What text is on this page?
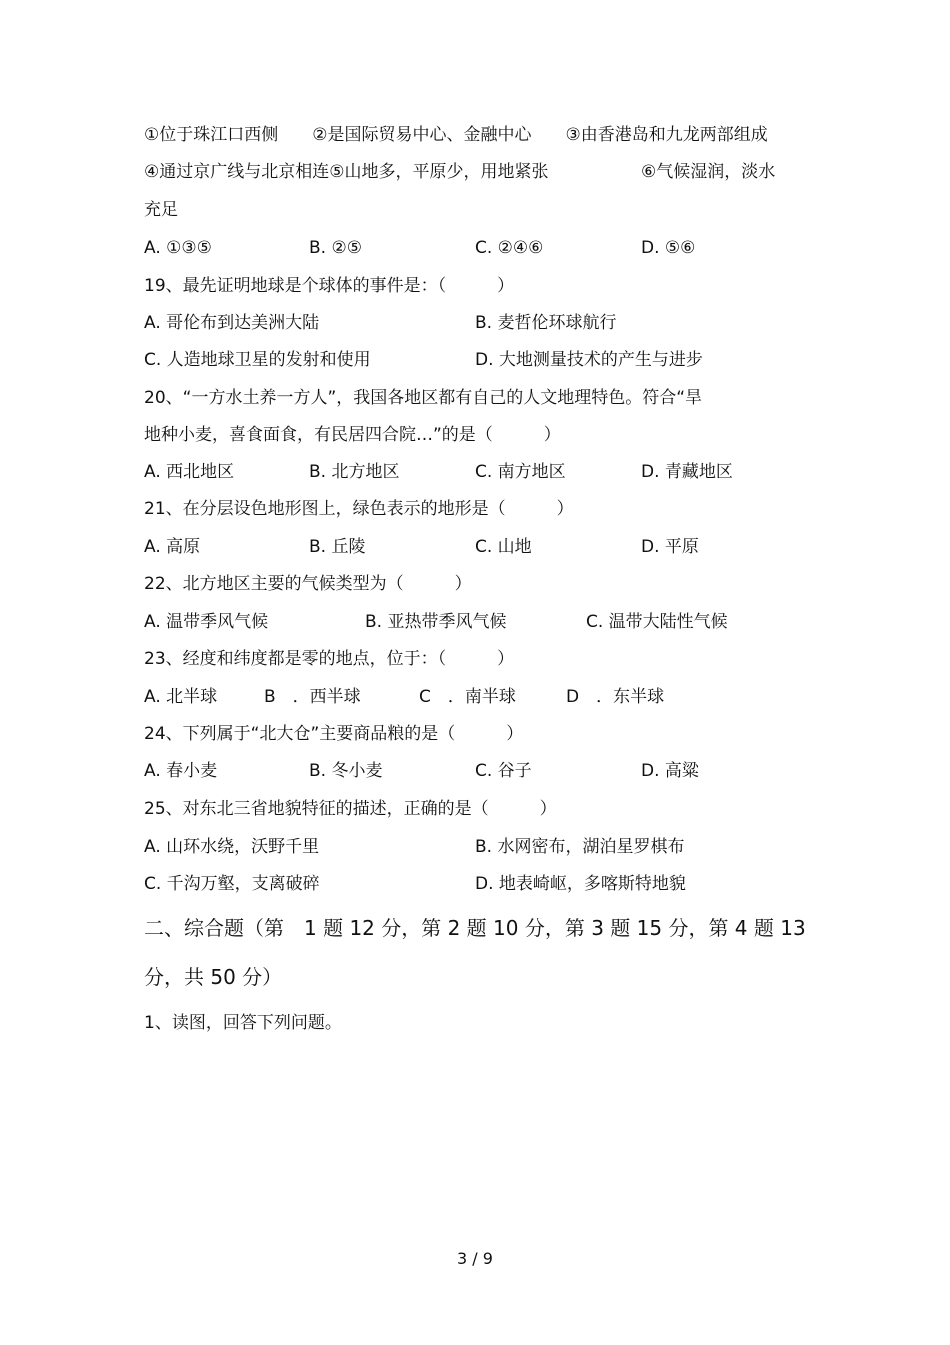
①位于珠江口西侧　　②是国际贸易中心、金融中心　　③由香港岛和九龙两部组成
④通过京广线与北京相连⑤山地多，平原少，用地紧张	⑥气候湿润，淡水
充足
A. ①③⑤	B. ②⑤	C. ②④⑥	D. ⑤⑥
19、最先证明地球是个球体的事件是：（　　　）
A. 哥伦布到达美洲大陆	B. 麦哲伦环球航行
C. 人造地球卫星的发射和使用	D. 大地测量技术的产生与进步
20、“一方水土养一方人”，我国各地区都有自己的人文地理特色。符合“旱
地种小麦，喜食面食，有民居四合院…”的是（　　　）
A. 西北地区	B. 北方地区	C. 南方地区	D. 青藏地区
21、在分层设色地形图上，绿色表示的地形是（　　　）
A. 高原	B. 丘陵	C. 山地	D. 平原
22、北方地区主要的气候类型为（　　　）
A. 温带季风气候	B. 亚热带季风气候	C. 温带大陆性气候
23、经度和纬度都是零的地点，位于：（　　　）
A. 北半球	B　．西半球	C　．南半球	D　．东半球
24、下列属于“北大仓”主要商品粮的是（　　　）
A. 春小麦	B. 冬小麦	C. 谷子	D. 高粱
25、对东北三省地貌特征的描述，正确的是（　　　）
A. 山环水绕，沃野千里	B. 水网密布，湖泊星罗棋布
C. 千沟万壑，支离破碎	D. 地表崎岖，多喀斯特地貌
二、综合题（第　1 题 12 分，第 2 题 10 分，第 3 题 15 分，第 4 题 13
分，共 50 分）
1、读图，回答下列问题。
3 / 9
